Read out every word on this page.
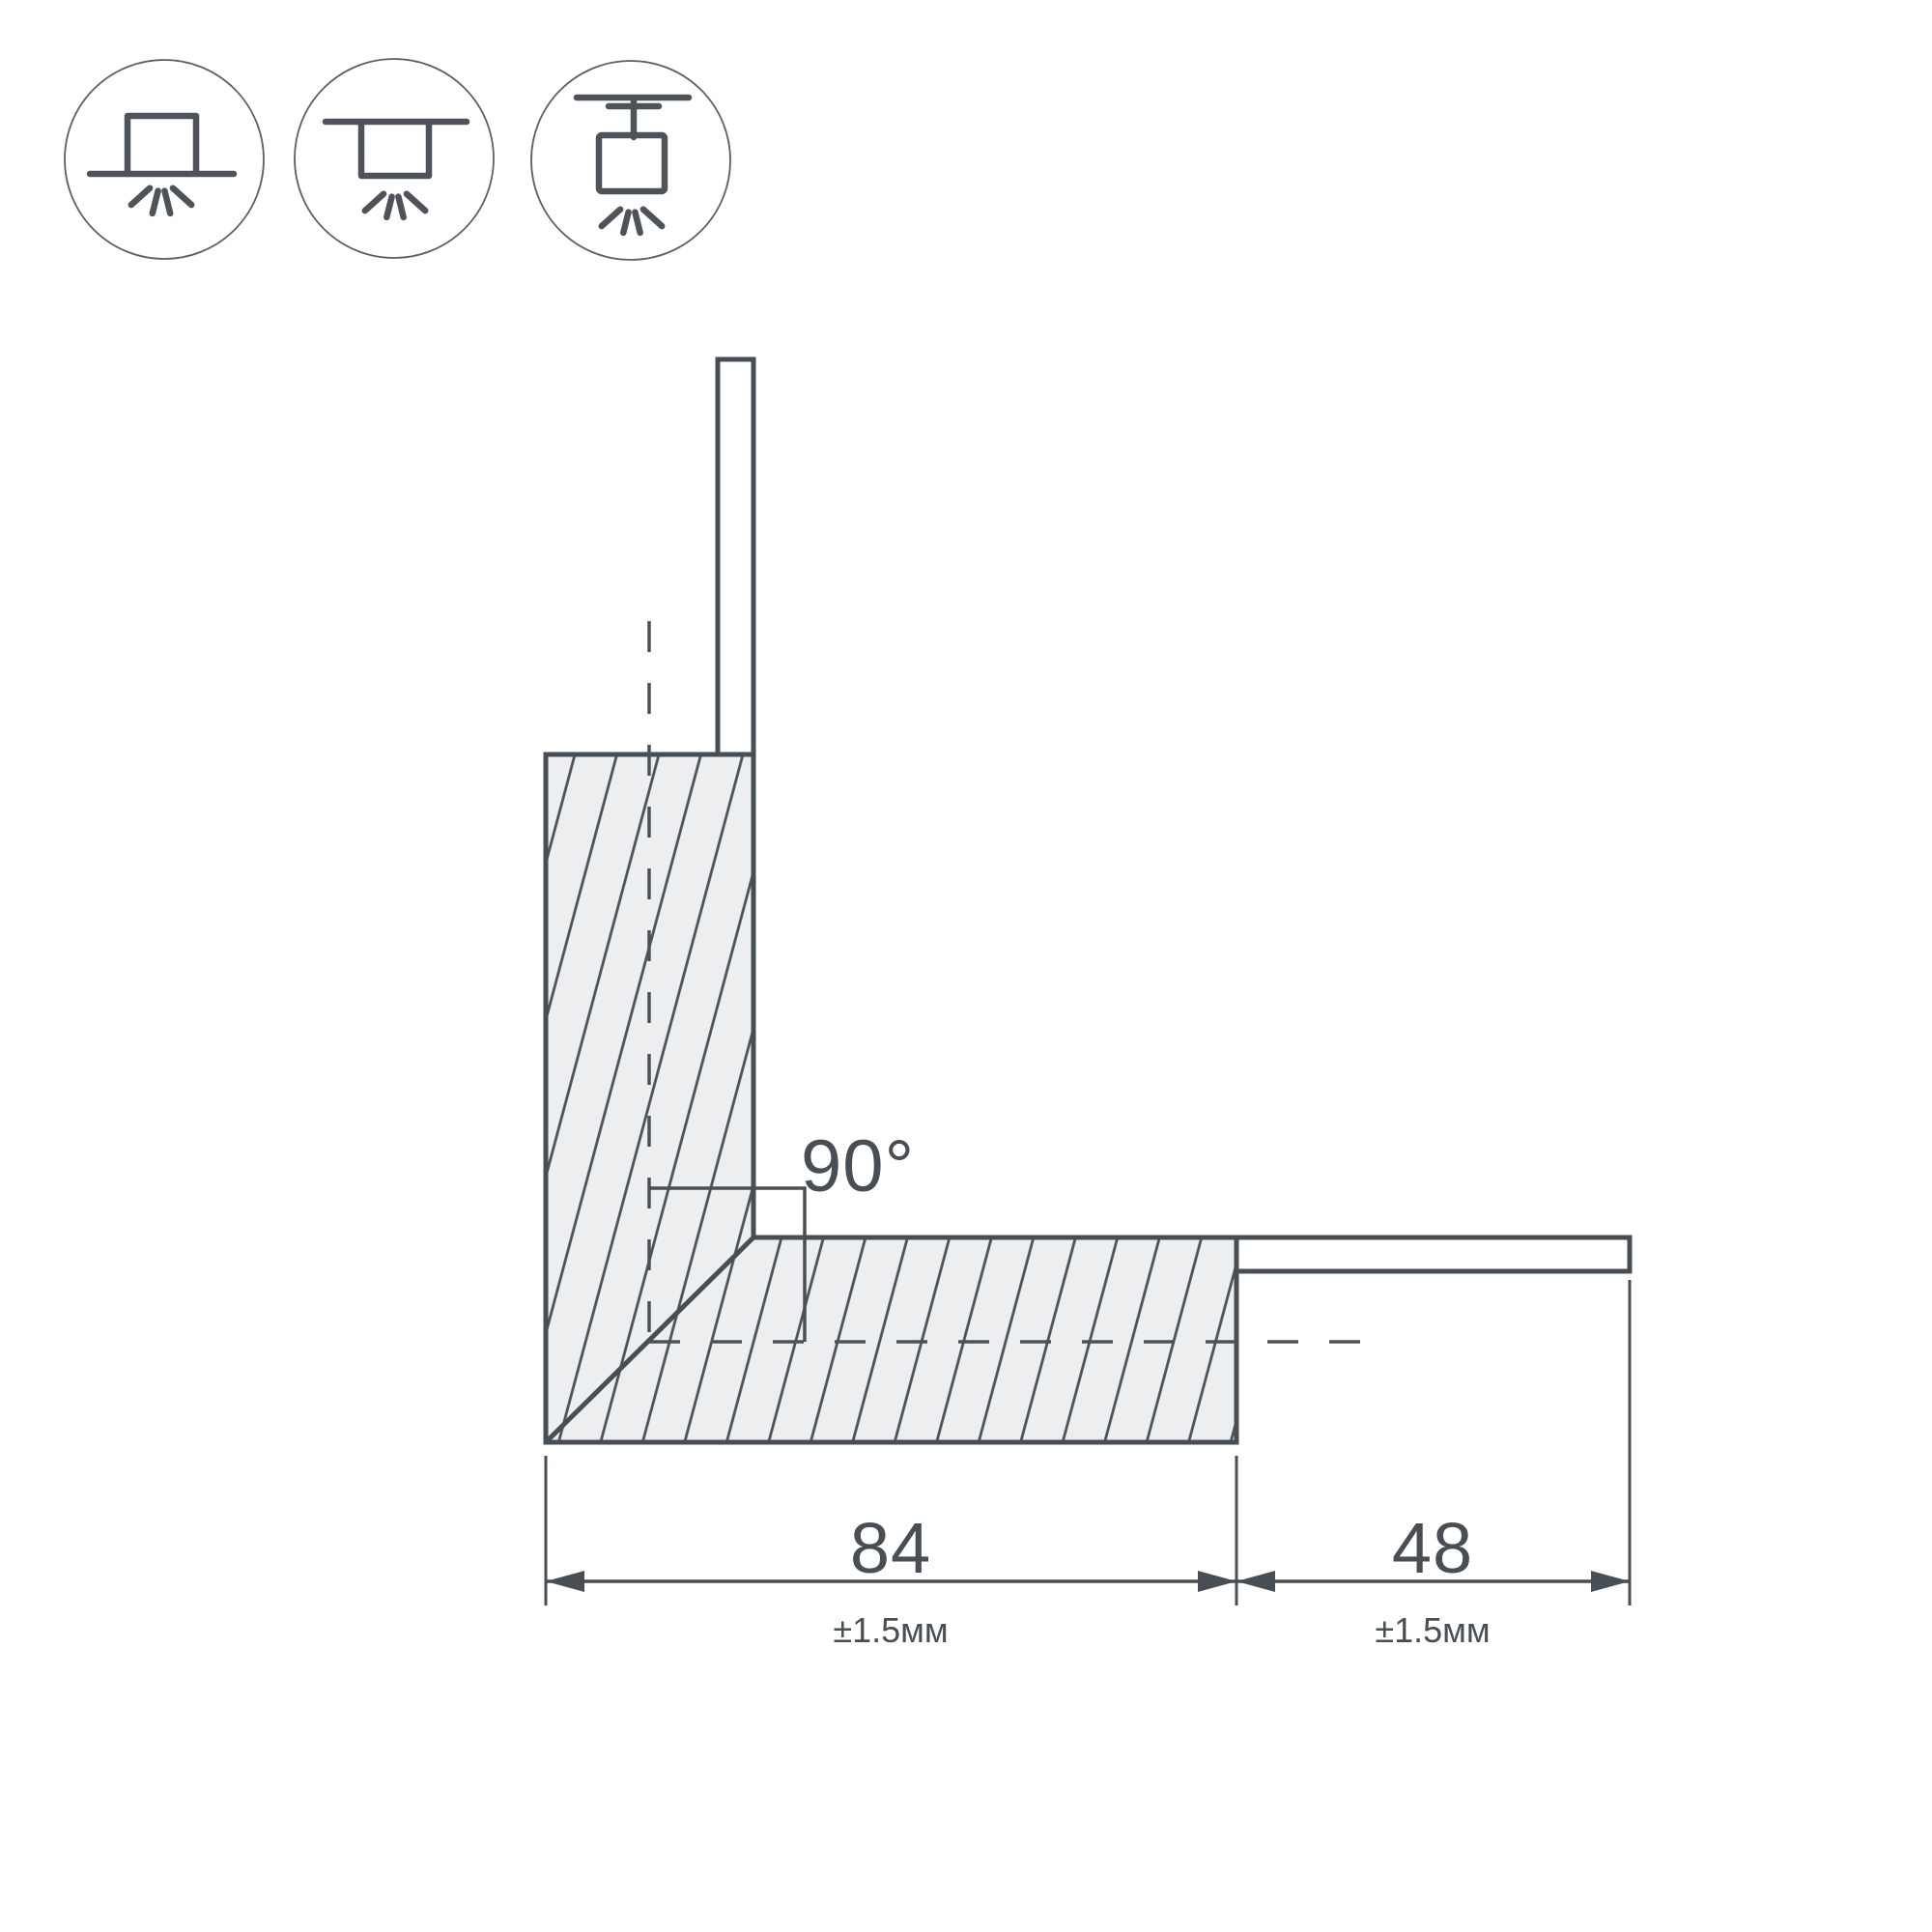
90°
84
±1.5мм
48
±1.5мм
